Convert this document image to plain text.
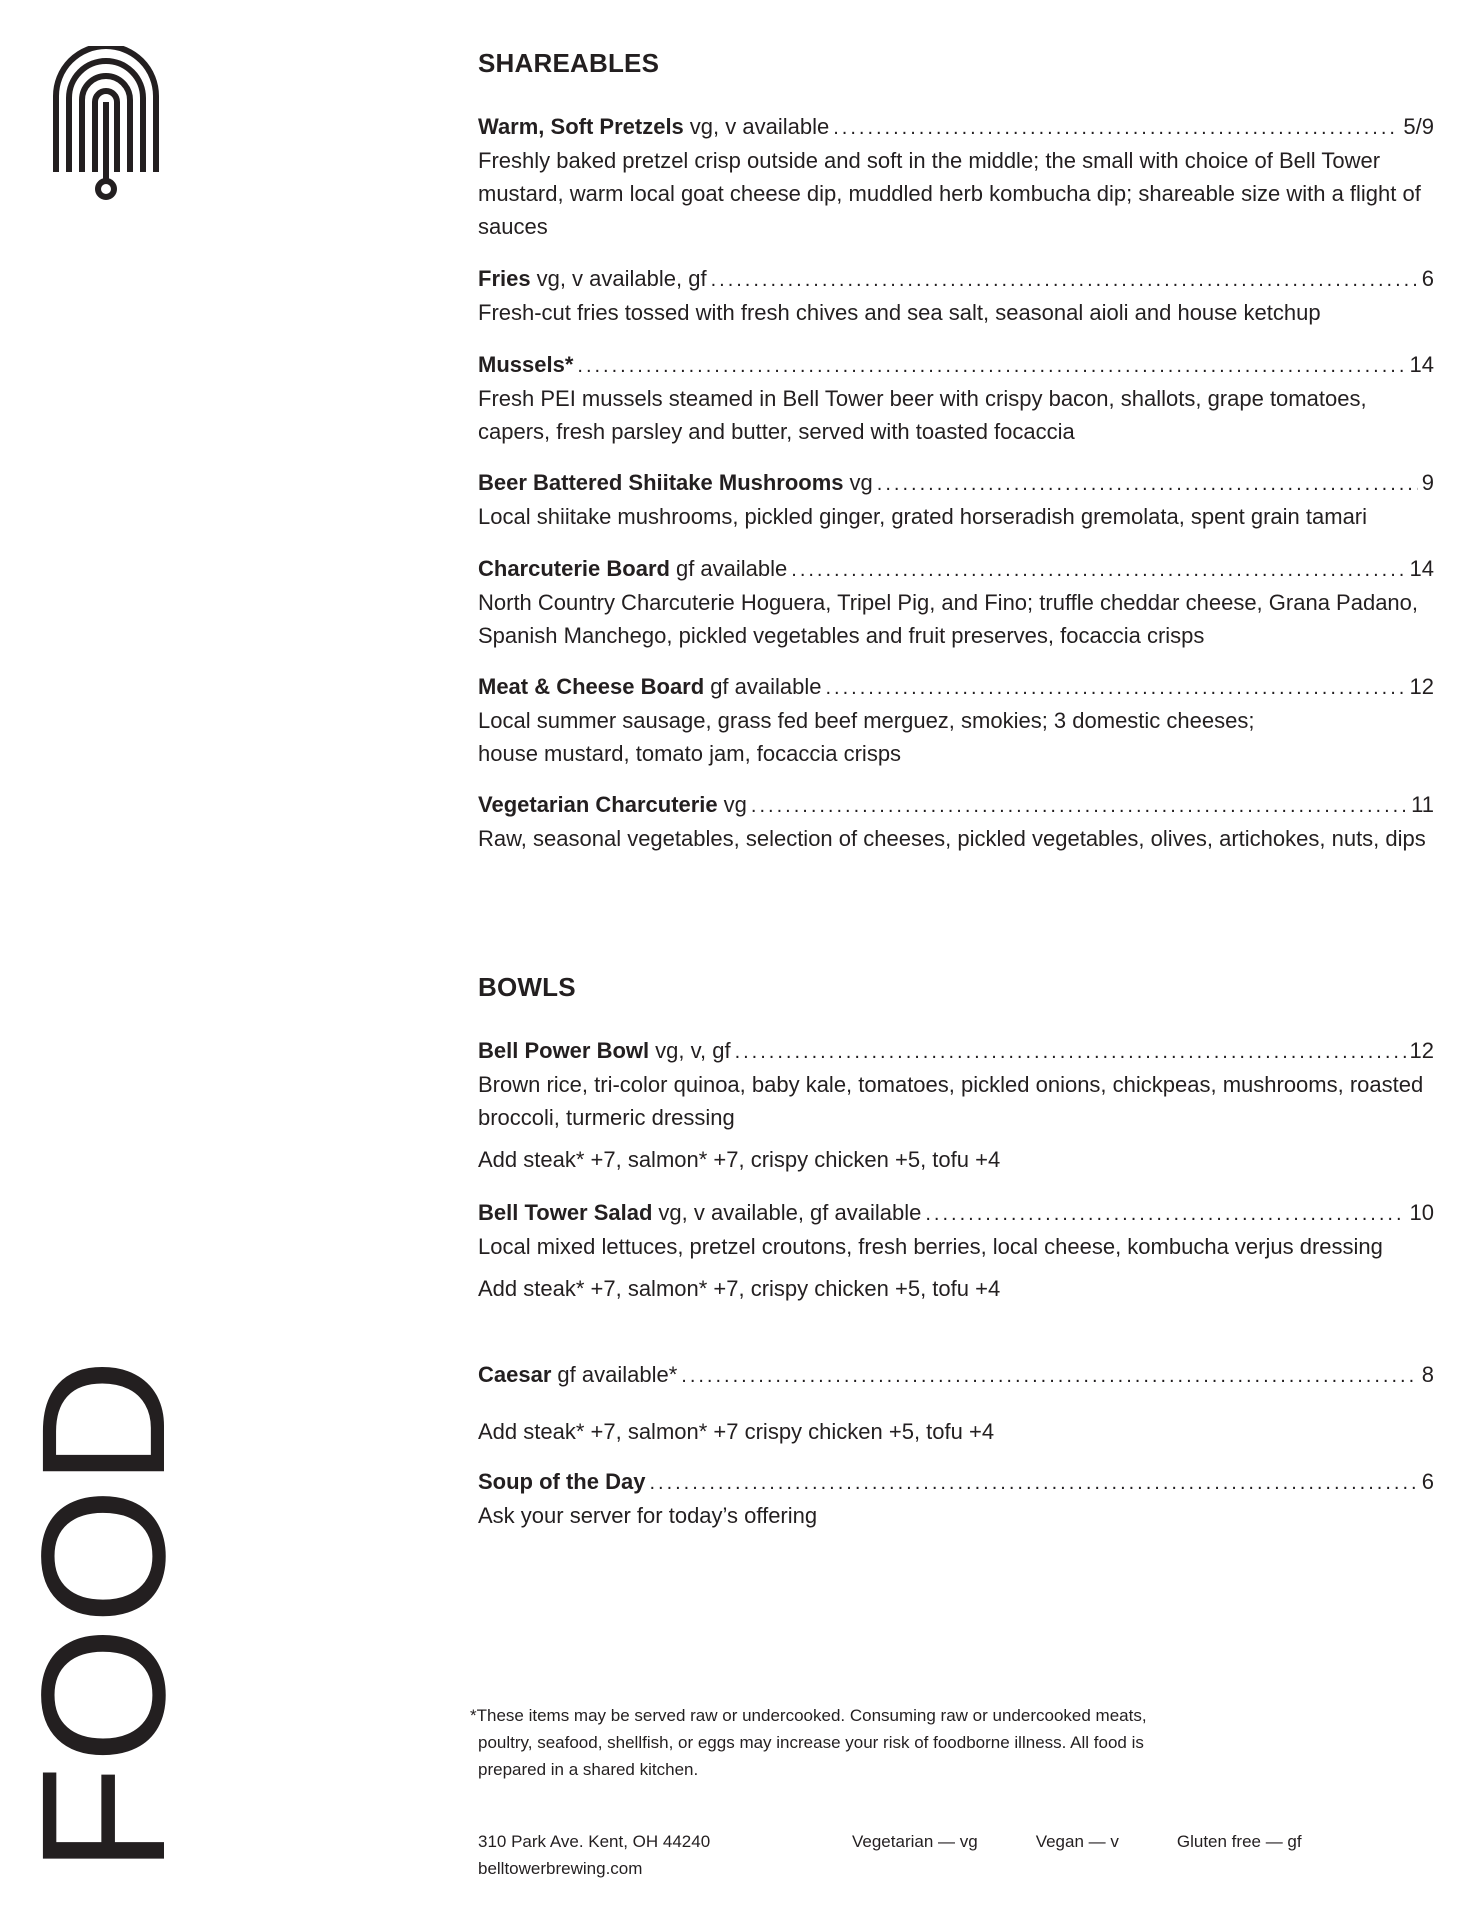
FOOD
SHAREABLES
Warm, Soft Pretzels vg, v available .....	5/9

Freshly baked pretzel crisp outside and soft in the middle; the small with choice of Bell Tower mustard, warm local goat cheese dip, muddled herb kombucha dip; shareable size with a flight of sauces

Fries vg, v available, gf .....	6

Fresh-cut fries tossed with fresh chives and sea salt, seasonal aioli and house ketchup

Mussels* .....	14

Fresh PEI mussels steamed in Bell Tower beer with crispy bacon, shallots, grape tomatoes, capers, fresh parsley and butter, served with toasted focaccia

Beer Battered Shiitake Mushrooms vg .....	9

Local shiitake mushrooms, pickled ginger, grated horseradish gremolata, spent grain tamari

Charcuterie Board gf available .....	14

North Country Charcuterie Hoguera, Tripel Pig, and Fino; truffle cheddar cheese, Grana Padano, Spanish Manchego, pickled vegetables and fruit preserves, focaccia crisps

Meat & Cheese Board gf available .....	12

Local summer sausage, grass fed beef merguez, smokies; 3 domestic cheeses;

house mustard, tomato jam, focaccia crisps

Vegetarian Charcuterie vg .....	11

Raw, seasonal vegetables, selection of cheeses, pickled vegetables, olives, artichokes, nuts, dips

BOWLS
Bell Power Bowl vg, v, gf .....	12

Brown rice, tri-color quinoa, baby kale, tomatoes, pickled onions, chickpeas, mushrooms, roasted broccoli, turmeric dressing

Add steak* +7, salmon* +7, crispy chicken +5, tofu +4
Bell Tower Salad vg, v available, gf available .....	10

Local mixed lettuces, pretzel croutons, fresh berries, local cheese, kombucha verjus dressing

Add steak* +7, salmon* +7, crispy chicken +5, tofu +4
Caesar gf available* .....	8
Add steak* +7, salmon* +7 crispy chicken +5, tofu +4
Soup of the Day .....	6

Ask your server for today’s offering

*These items may be served raw or undercooked. Consuming raw or undercooked meats,
poultry, seafood, shellfish, or eggs may increase your risk of foodborne illness. All food is
prepared in a shared kitchen.
310 Park Ave. Kent, OH 44240
belltowerbrewing.com
Vegetarian — vg	Vegan — v	Gluten free — gf
